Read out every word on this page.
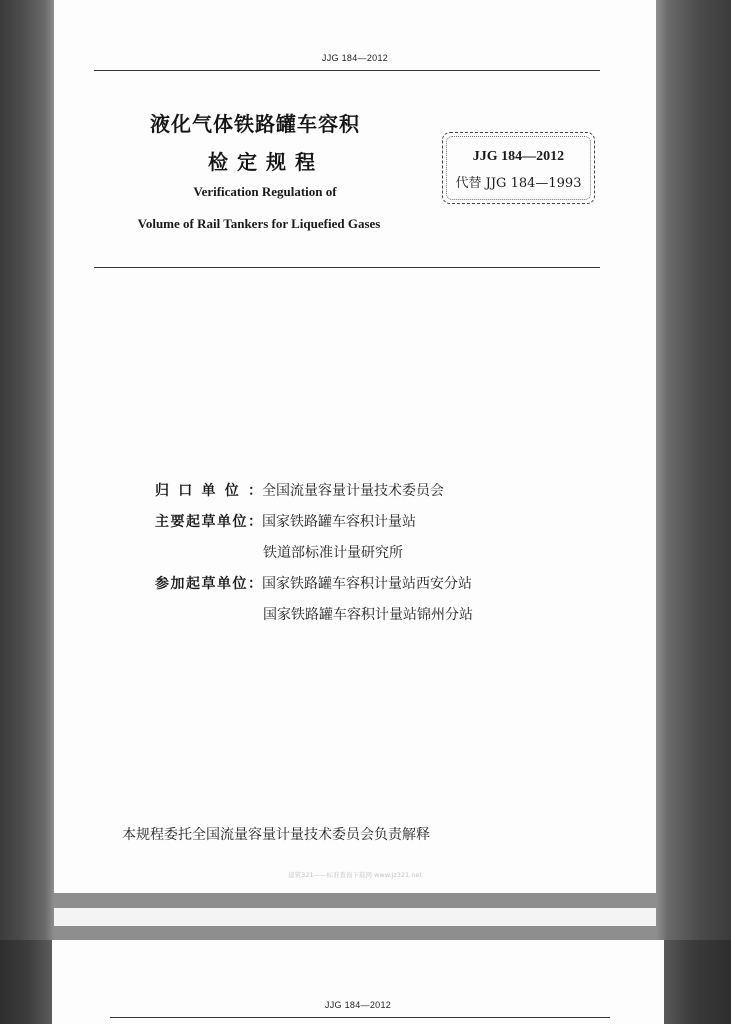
JJG 184—2012
液化气体铁路罐车容积
检定规程
Verification Regulation of
Volume of Rail Tankers for Liquefied Gases
JJG 184—2012
代替 JJG 184—1993
归口单位：全国流量容量计量技术委员会
主要起草单位：国家铁路罐车容积计量站
铁道部标准计量研究所
参加起草单位：国家铁路罐车容积计量站西安分站
国家铁路罐车容积计量站锦州分站
本规程委托全国流量容量计量技术委员会负责解释
建筑321——标准查询下载网 www.jz321.net
JJG 184—2012
